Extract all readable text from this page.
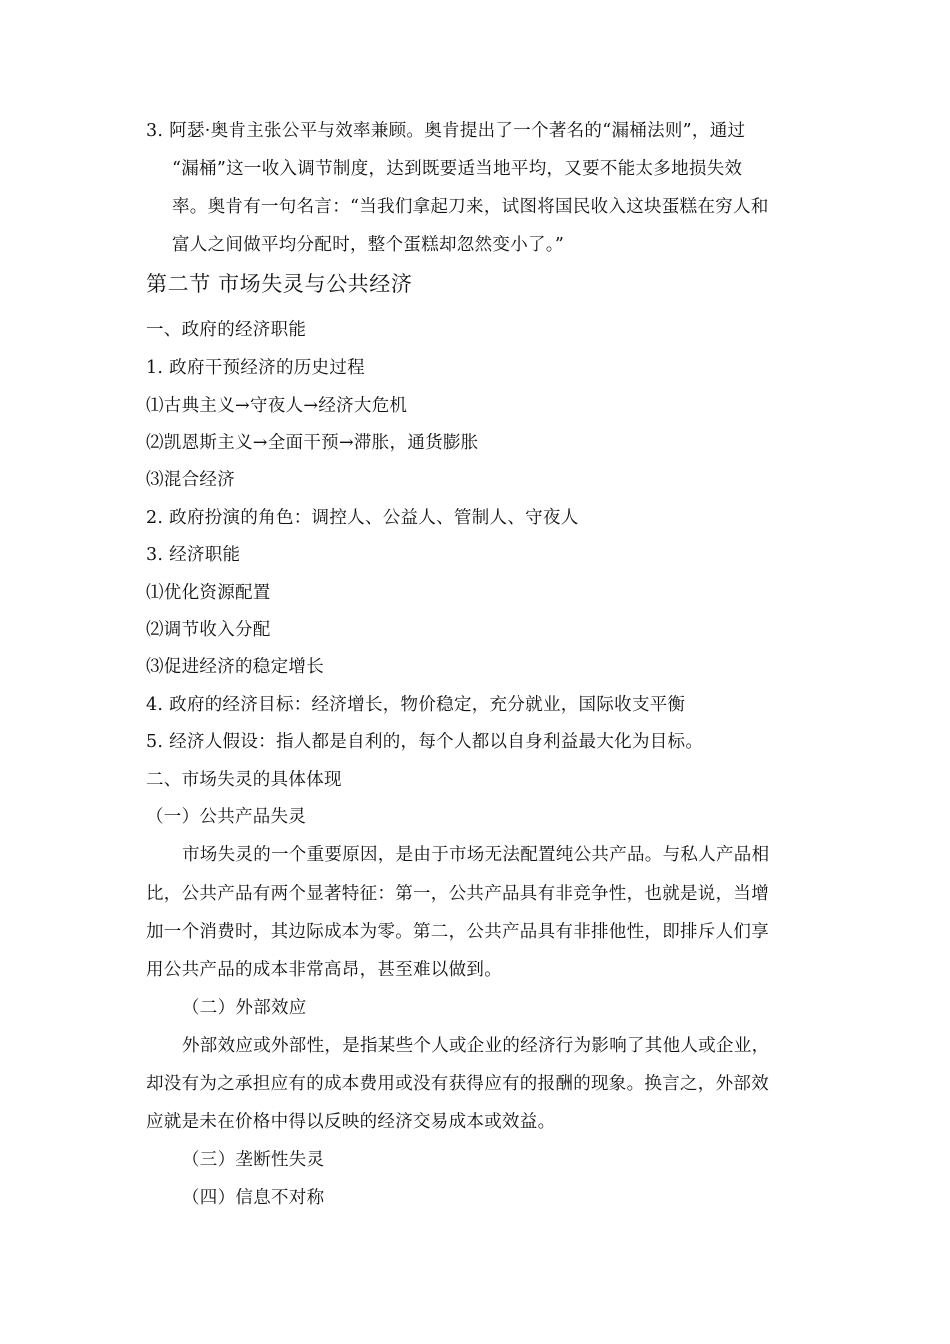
3. 阿瑟·奥肯主张公平与效率兼顾。奥肯提出了一个著名的“漏桶法则”，通过
“漏桶”这一收入调节制度，达到既要适当地平均，又要不能太多地损失效
率。奥肯有一句名言：“当我们拿起刀来，试图将国民收入这块蛋糕在穷人和
富人之间做平均分配时，整个蛋糕却忽然变小了。”
第二节 市场失灵与公共经济
一、政府的经济职能
1. 政府干预经济的历史过程
⑴古典主义→守夜人→经济大危机
⑵凯恩斯主义→全面干预→滞胀，通货膨胀
⑶混合经济
2. 政府扮演的角色：调控人、公益人、管制人、守夜人
3. 经济职能
⑴优化资源配置
⑵调节收入分配
⑶促进经济的稳定增长
4. 政府的经济目标：经济增长，物价稳定，充分就业，国际收支平衡
5. 经济人假设：指人都是自利的，每个人都以自身利益最大化为目标。
二、市场失灵的具体体现
（一）公共产品失灵
市场失灵的一个重要原因，是由于市场无法配置纯公共产品。与私人产品相
比，公共产品有两个显著特征：第一，公共产品具有非竞争性，也就是说，当增
加一个消费时，其边际成本为零。第二，公共产品具有非排他性，即排斥人们享
用公共产品的成本非常高昂，甚至难以做到。
（二）外部效应
外部效应或外部性，是指某些个人或企业的经济行为影响了其他人或企业，
却没有为之承担应有的成本费用或没有获得应有的报酬的现象。换言之，外部效
应就是未在价格中得以反映的经济交易成本或效益。
（三）垄断性失灵
（四）信息不对称
